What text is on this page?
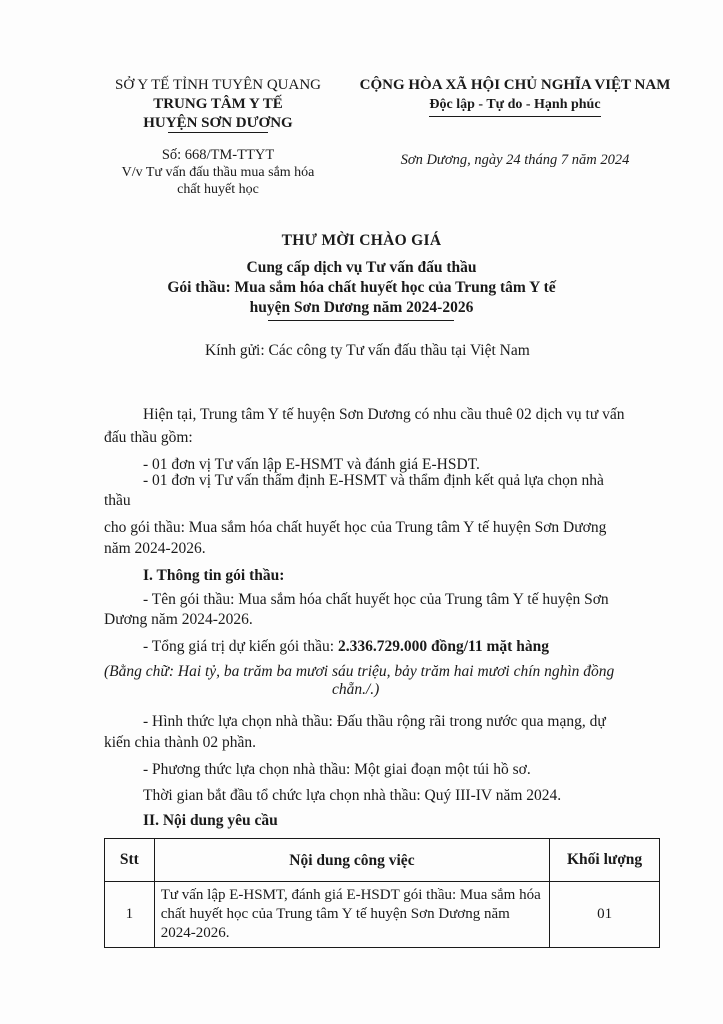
SỞ Y TẾ TỈNH TUYÊN QUANG
TRUNG TÂM Y TẾ
HUYỆN SƠN DƯƠNG
CỘNG HÒA XÃ HỘI CHỦ NGHĨA VIỆT NAM
Độc lập - Tự do - Hạnh phúc
Số: 668/TM-TTYT
V/v Tư vấn đấu thầu mua sắm hóa
chất huyết học
Sơn Dương, ngày 24 tháng 7 năm 2024
THƯ MỜI CHÀO GIÁ
Cung cấp dịch vụ Tư vấn đấu thầu
Gói thầu: Mua sắm hóa chất huyết học của Trung tâm Y tế
huyện Sơn Dương năm 2024-2026
Kính gửi: Các công ty Tư vấn đấu thầu tại Việt Nam
Hiện tại, Trung tâm Y tế huyện Sơn Dương có nhu cầu thuê 02 dịch vụ tư vấn
đấu thầu gồm:
- 01 đơn vị Tư vấn lập E-HSMT và đánh giá E-HSDT.
- 01 đơn vị Tư vấn thẩm định E-HSMT và thẩm định kết quả lựa chọn nhà
thầu
cho gói thầu: Mua sắm hóa chất huyết học của Trung tâm Y tế huyện Sơn Dương
năm 2024-2026.
I. Thông tin gói thầu:
- Tên gói thầu: Mua sắm hóa chất huyết học của Trung tâm Y tế huyện Sơn
Dương năm 2024-2026.
- Tổng giá trị dự kiến gói thầu: 2.336.729.000 đồng/11 mặt hàng
(Bằng chữ: Hai tỷ, ba trăm ba mươi sáu triệu, bảy trăm hai mươi chín nghìn đồng
chẵn./.)
- Hình thức lựa chọn nhà thầu: Đấu thầu rộng rãi trong nước qua mạng, dự
kiến chia thành 02 phần.
- Phương thức lựa chọn nhà thầu: Một giai đoạn một túi hồ sơ.
Thời gian bắt đầu tổ chức lựa chọn nhà thầu: Quý III-IV năm 2024.
II. Nội dung yêu cầu
Stt	Nội dung công việc	Khối lượng
1	Tư vấn lập E-HSMT, đánh giá E-HSDT gói thầu: Mua sắm hóa chất huyết học của Trung tâm Y tế huyện Sơn Dương năm 2024-2026.	01
